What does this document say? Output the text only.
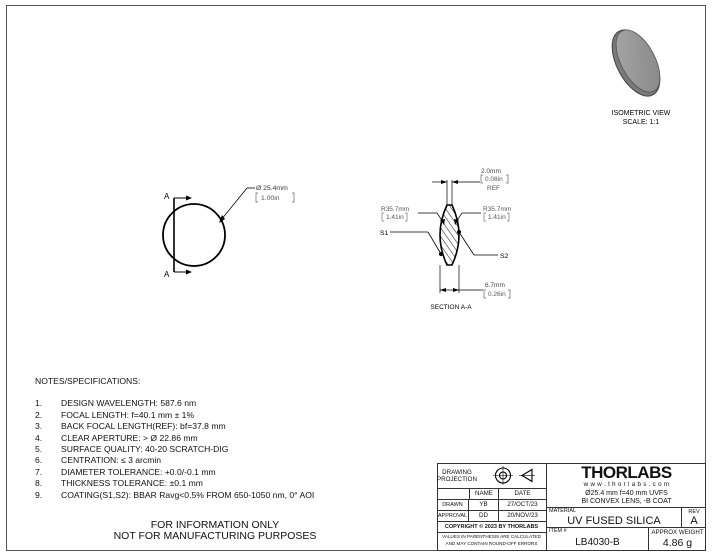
ISOMETRIC VIEW
SCALE: 1:1
A
A
Ø 25.4mm
1.00in
2.0mm
0.08in
REF
R35.7mm
1.41in
R35.7mm
1.41in
S1
S2
6.7mm
0.26in
SECTION A-A
NOTES/SPECIFICATIONS:
1.	DESIGN WAVELENGTH: 587.6 nm
2.	FOCAL LENGTH: f=40.1 mm ± 1%
3.	BACK FOCAL LENGTH(REF): bf=37.8 mm
4.	CLEAR APERTURE: > Ø 22.86 mm
5.	SURFACE QUALITY: 40-20 SCRATCH-DIG
6.	CENTRATION: ≤ 3 arcmin
7.	DIAMETER TOLERANCE: +0.0/-0.1 mm
8.	THICKNESS TOLERANCE: ±0.1 mm
9.	COATING(S1,S2): BBAR Ravg<0.5% FROM 650-1050 nm, 0° AOI
FOR INFORMATION ONLY
NOT FOR MANUFACTURING PURPOSES
DRAWING PROJECTION
NAME	DATE
DRAWN	YB	27/OCT/23
APPROVAL	DD	20/NOV/23
COPYRIGHT © 2023 BY THORLABS
VALUES IN PARENTHESIS ARE CALCULATED
AND MAY CONTAIN ROUND-OFF ERRORS
THORLABS
w w w . t h o r l a b s . c o m
Ø25.4 mm f=40 mm UVFS
BI CONVEX LENS, -B COAT
MATERIAL
UV FUSED SILICA
REV
A
ITEM #
LB4030-B
APPROX WEIGHT
4.86 g
